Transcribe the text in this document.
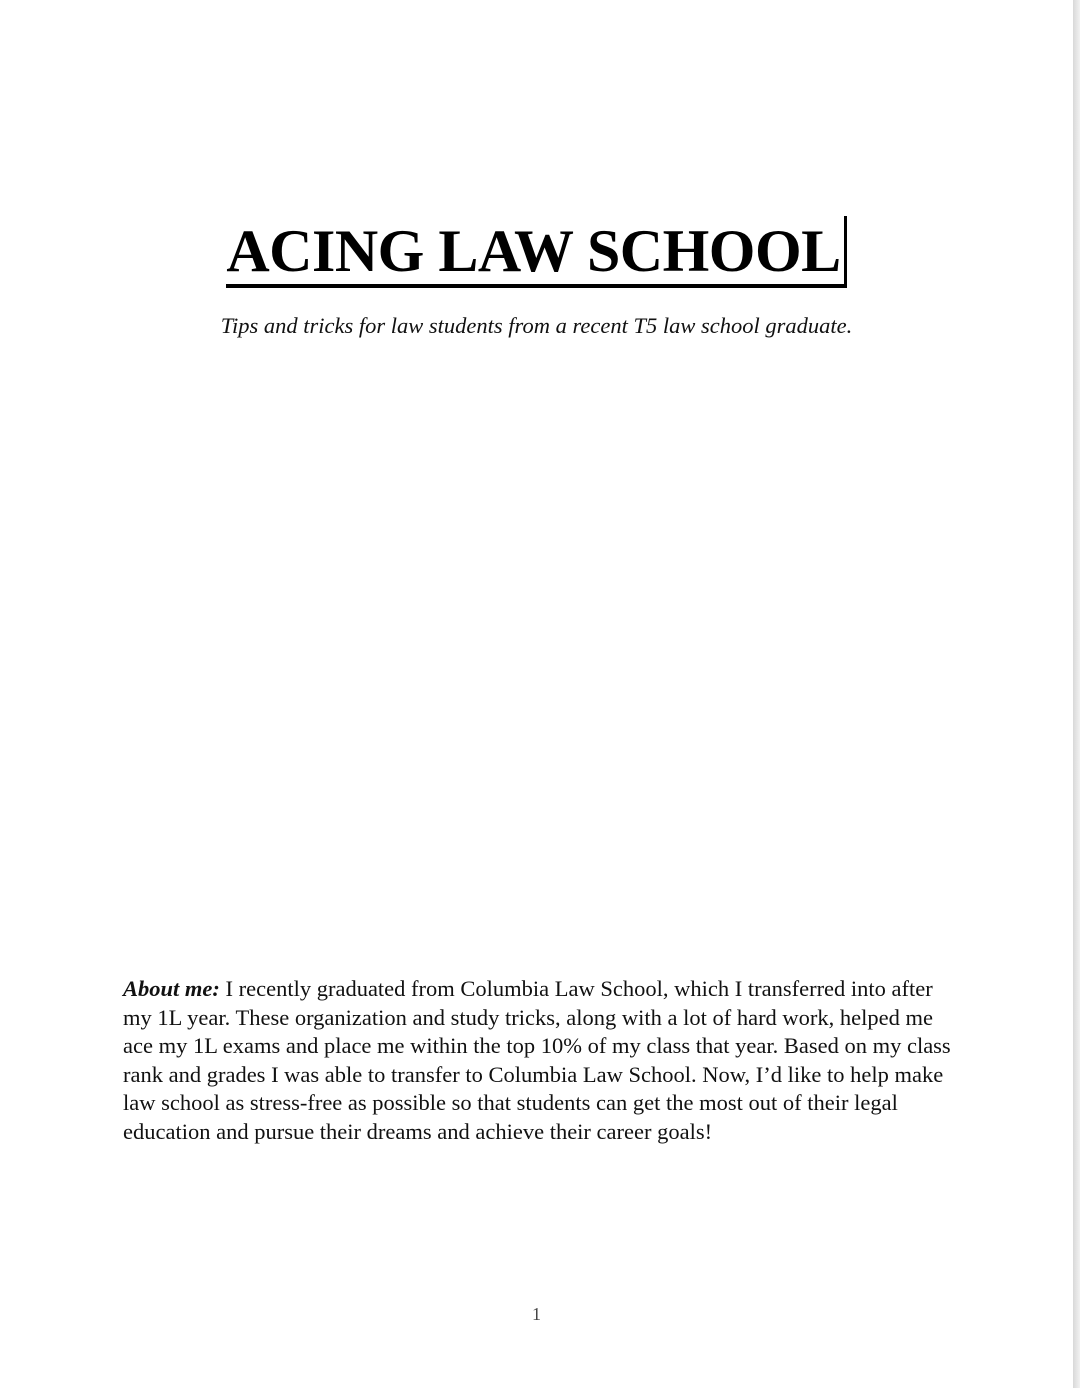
ACING LAW SCHOOL
Tips and tricks for law students from a recent T5 law school graduate.

About me: I recently graduated from Columbia Law School, which I transferred into after my 1L year. These organization and study tricks, along with a lot of hard work, helped me ace my 1L exams and place me within the top 10% of my class that year. Based on my class rank and grades I was able to transfer to Columbia Law School. Now, I’d like to help make law school as stress-free as possible so that students can get the most out of their legal education and pursue their dreams and achieve their career goals!

1
